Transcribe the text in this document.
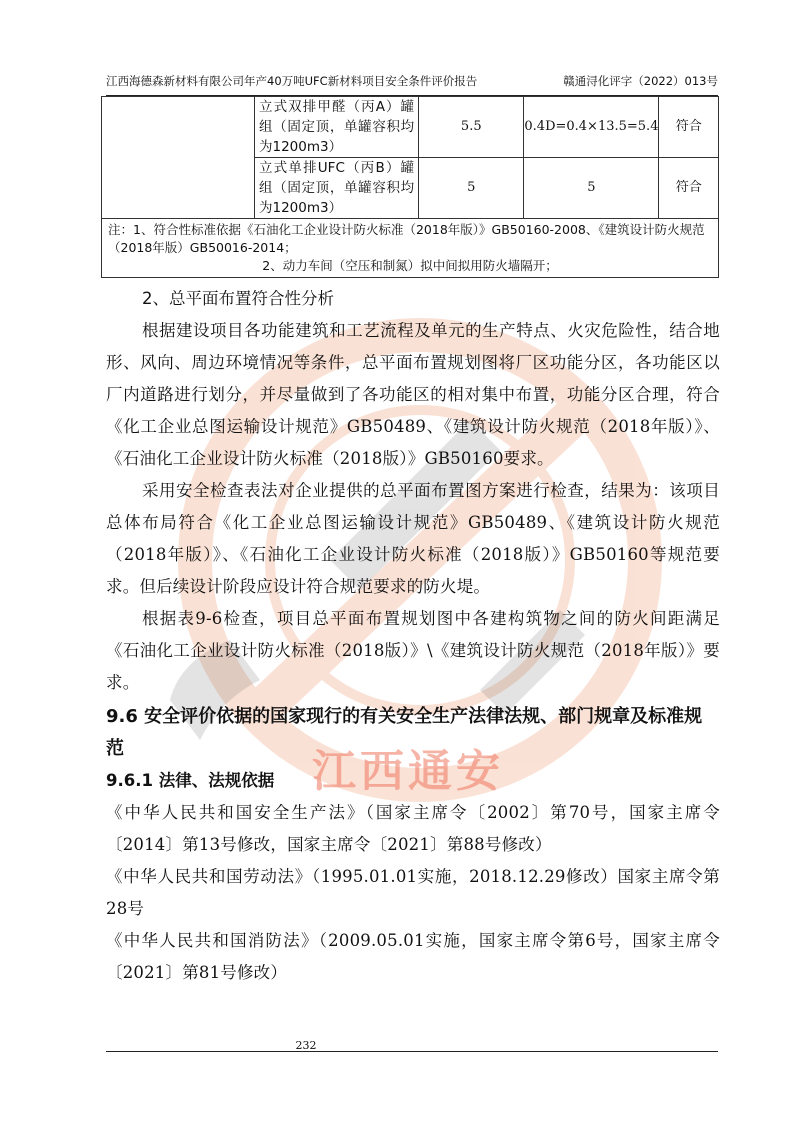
江西通安
江西海德森新材料有限公司年产40万吨UFC新材料项目安全条件评价报告	赣通浔化评字（2022）013号
	立式双排甲醛（丙A）罐组（固定顶，单罐容积均为1200m3）	5.5	0.4D=0.4×13.5=5.4	符合
	立式单排UFC（丙B）罐组（固定顶，单罐容积均为1200m3）	5	5	符合

注：1、符合性标准依据《石油化工企业设计防火标准（2018年版）》GB50160-2008、《建筑设计防火规范（2018年版）GB50016-2014；
2、动力车间（空压和制氮）拟中间拟用防火墙隔开；				
2、总平面布置符合性分析

根据建设项目各功能建筑和工艺流程及单元的生产特点、火灾危险性，结合地形、风向、周边环境情况等条件，总平面布置规划图将厂区功能分区，各功能区以厂内道路进行划分，并尽量做到了各功能区的相对集中布置，功能分区合理，符合《化工企业总图运输设计规范》GB50489、《建筑设计防火规范（2018年版）》、《石油化工企业设计防火标准（2018版）》GB50160要求。

采用安全检查表法对企业提供的总平面布置图方案进行检查，结果为：该项目总体布局符合《化工企业总图运输设计规范》GB50489、《建筑设计防火规范（2018年版）》、《石油化工企业设计防火标准（2018版）》GB50160等规范要求。但后续设计阶段应设计符合规范要求的防火堤。

根据表9-6检查，项目总平面布置规划图中各建构筑物之间的防火间距满足《石油化工企业设计防火标准（2018版）》\《建筑设计防火规范（2018年版）》要求。

9.6 安全评价依据的国家现行的有关安全生产法律法规、部门规章及标准规范
9.6.1 法律、法规依据

《中华人民共和国安全生产法》（国家主席令〔2002〕第70号，国家主席令〔2014〕第13号修改，国家主席令〔2021〕第88号修改）

《中华人民共和国劳动法》（1995.01.01实施，2018.12.29修改）国家主席令第28号

《中华人民共和国消防法》（2009.05.01实施，国家主席令第6号，国家主席令〔2021〕第81号修改）

232
